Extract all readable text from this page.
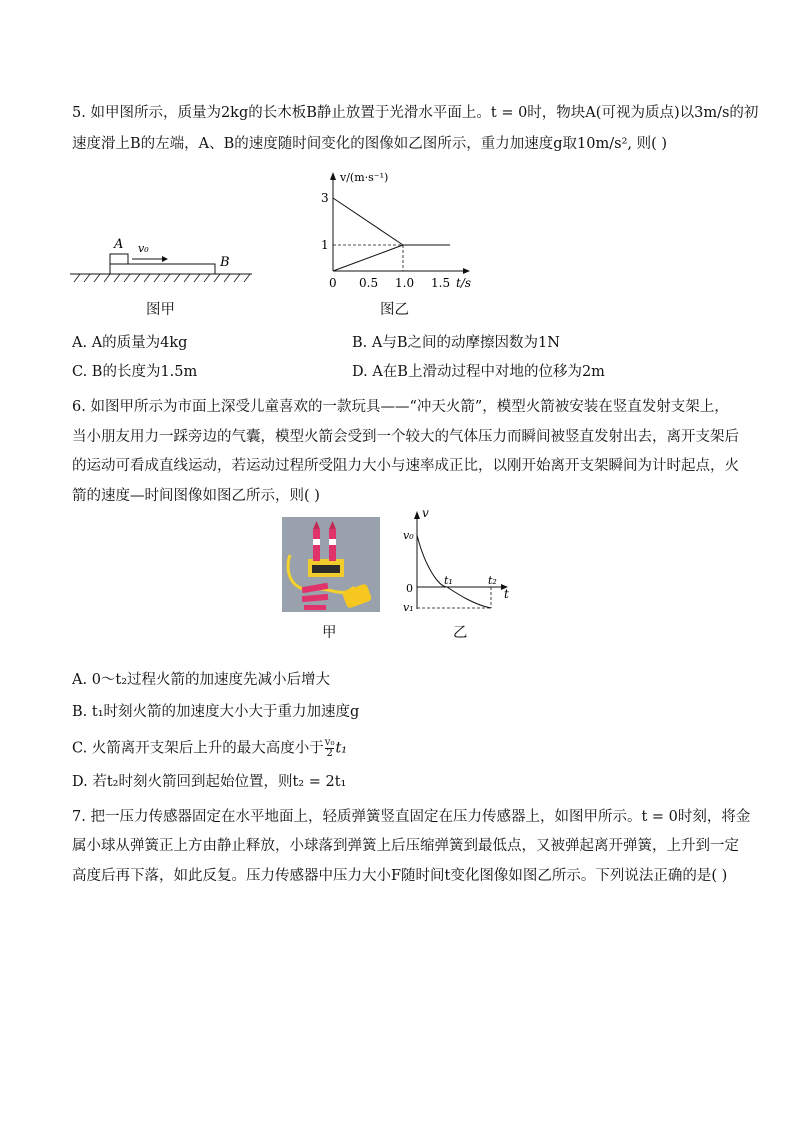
5. 如甲图所示，质量为2kg的长木板B静止放置于光滑水平面上。t = 0时，物块A(可视为质点)以3m/s的初
速度滑上B的左端，A、B的速度随时间变化的图像如乙图所示，重力加速度g取10m/s², 则( )
A v₀
B
图甲
v/(m·s⁻¹)
3
1
0 0.5 1.0 1.5 t/s
图乙
A. A的质量为4kg	B. A与B之间的动摩擦因数为1N
C. B的长度为1.5m	D. A在B上滑动过程中对地的位移为2m
6. 如图甲所示为市面上深受儿童喜欢的一款玩具——“冲天火箭”，模型火箭被安装在竖直发射支架上，
当小朋友用力一踩旁边的气囊，模型火箭会受到一个较大的气体压力而瞬间被竖直发射出去，离开支架后
的运动可看成直线运动，若运动过程所受阻力大小与速率成正比，以刚开始离开支架瞬间为计时起点，火
箭的速度—时间图像如图乙所示，则( )
甲
v
v₀
0
v₁
t₁	t₂
t
乙
A. 0～t₂过程火箭的加速度先减小后增大
B. t₁时刻火箭的加速度大小大于重力加速度g
C. 火箭离开支架后上升的最大高度小于 $\frac{\text{v₀}}{2} t_1$
D. 若t₂时刻火箭回到起始位置，则t₂ = 2t₁
7. 把一压力传感器固定在水平地面上，轻质弹簧竖直固定在压力传感器上，如图甲所示。t = 0时刻，将金
属小球从弹簧正上方由静止释放，小球落到弹簧上后压缩弹簧到最低点，又被弹起离开弹簧，上升到一定
高度后再下落，如此反复。压力传感器中压力大小F随时间t变化图像如图乙所示。下列说法正确的是( )
